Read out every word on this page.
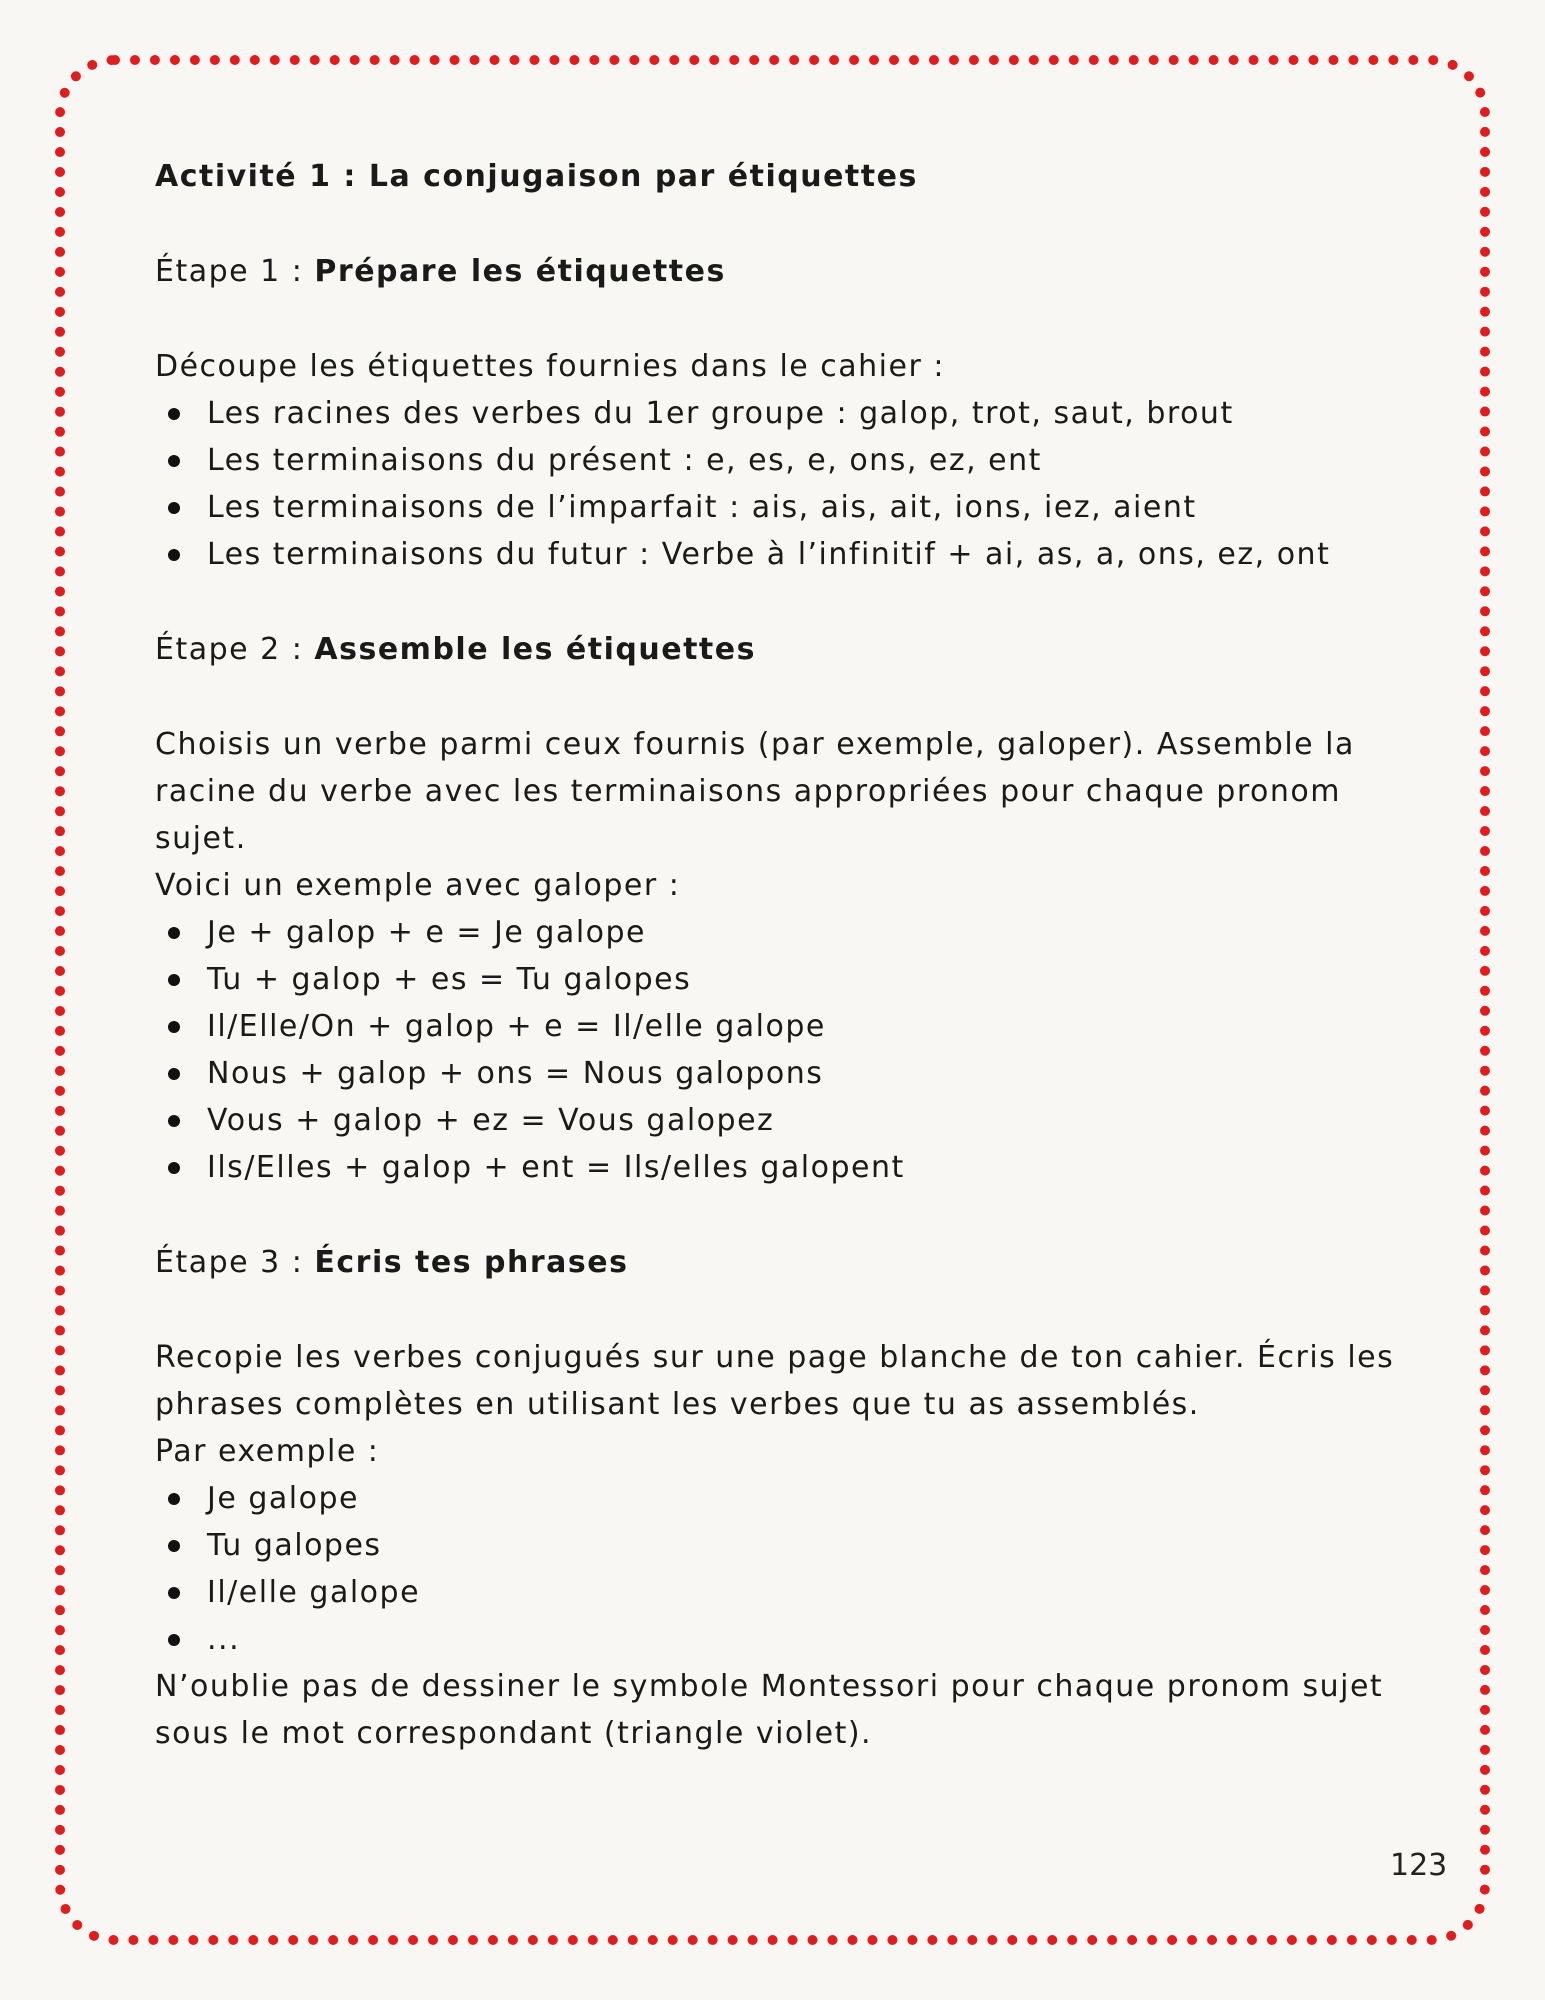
Activité 1 : La conjugaison par étiquettes
Étape 1 : Prépare les étiquettes

Découpe les étiquettes fournies dans le cahier :

Les racines des verbes du 1er groupe : galop, trot, saut, brout
Les terminaisons du présent : e, es, e, ons, ez, ent
Les terminaisons de l’imparfait : ais, ais, ait, ions, iez, aient
Les terminaisons du futur : Verbe à l’infinitif + ai, as, a, ons, ez, ont
Étape 2 : Assemble les étiquettes

Choisis un verbe parmi ceux fournis (par exemple, galoper). Assemble la racine du verbe avec les terminaisons appropriées pour chaque pronom sujet.

Voici un exemple avec galoper :

Je + galop + e = Je galope
Tu + galop + es = Tu galopes
Il/Elle/On + galop + e = Il/elle galope
Nous + galop + ons = Nous galopons
Vous + galop + ez = Vous galopez
Ils/Elles + galop + ent = Ils/elles galopent
Étape 3 : Écris tes phrases

Recopie les verbes conjugués sur une page blanche de ton cahier. Écris les phrases complètes en utilisant les verbes que tu as assemblés.

Par exemple :

Je galope
Tu galopes
Il/elle galope
...

N’oublie pas de dessiner le symbole Montessori pour chaque pronom sujet sous le mot correspondant (triangle violet).

123
